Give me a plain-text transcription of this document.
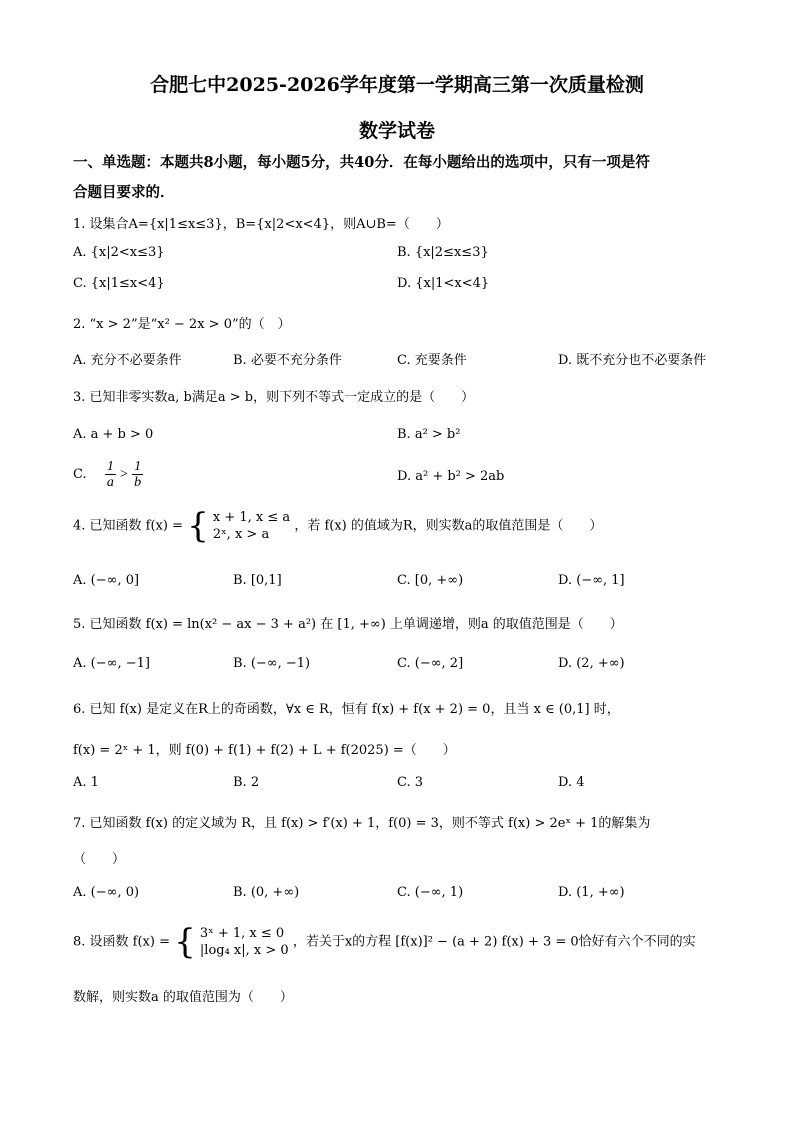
合肥七中2025-2026学年度第一学期高三第一次质量检测
数学试卷
一、单选题：本题共8小题，每小题5分，共40分．在每小题给出的选项中，只有一项是符
合题目要求的．
1. 设集合A={x|1≤x≤3}，B={x|2<x<4}，则A∪B=（　　）
A. {x|2<x≤3}	B. {x|2≤x≤3}
C. {x|1≤x<4}	D. {x|1<x<4}
2. “x > 2”是“x² − 2x > 0”的（　）
A. 充分不必要条件	B. 必要不充分条件	C. 充要条件	D. 既不充分也不必要条件
3. 已知非零实数a, b满足a > b，则下列不等式一定成立的是（　　）
A. a + b > 0	B. a² > b²
C. $\frac{1}{a} > \frac{1}{b}$	D. a² + b² > 2ab
4. 已知函数 f(x) = { x + 1, x ≤ a
2ˣ, x > a
，若 f(x) 的值域为R，则实数a的取值范围是（　　）
A. (−∞, 0]	B. [0,1]	C. [0, +∞)	D. (−∞, 1]
5. 已知函数 f(x) = ln(x² − ax − 3 + a²) 在 [1, +∞) 上单调递增，则a 的取值范围是（　　）
A. (−∞, −1]	B. (−∞, −1)	C. (−∞, 2]	D. (2, +∞)
6. 已知 f(x) 是定义在R上的奇函数，∀x ∈ R，恒有 f(x) + f(x + 2) = 0，且当 x ∈ (0,1] 时，
f(x) = 2ˣ + 1，则 f(0) + f(1) + f(2) + L + f(2025) =（　　）
A. 1	B. 2	C. 3	D. 4
7. 已知函数 f(x) 的定义域为 R，且 f(x) > f′(x) + 1，f(0) = 3，则不等式 f(x) > 2eˣ + 1的解集为
（　　）
A. (−∞, 0)	B. (0, +∞)	C. (−∞, 1)	D. (1, +∞)
8. 设函数 f(x) = { 3ˣ + 1, x ≤ 0
|log₄ x|, x > 0
，若关于x的方程 [f(x)]² − (a + 2) f(x) + 3 = 0恰好有六个不同的实
数解，则实数a 的取值范围为（　　）
